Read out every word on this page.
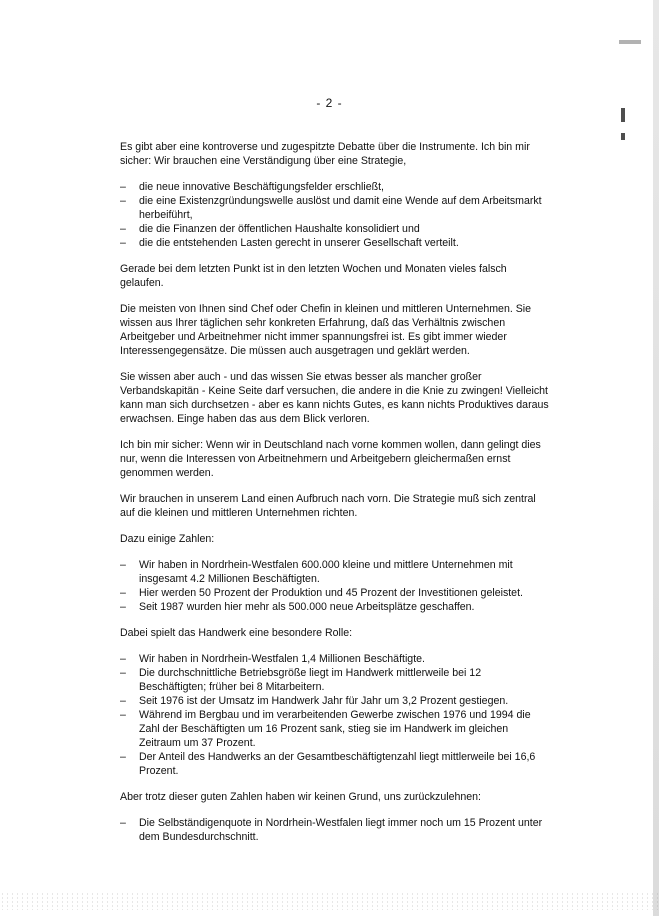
- 2 -

Es gibt aber eine kontroverse und zugespitzte Debatte über die Instrumente. Ich bin mir sicher: Wir brauchen eine Verständigung über eine Strategie,

– die neue innovative Beschäftigungsfelder erschließt,
– die eine Existenzgründungswelle auslöst und damit eine Wende auf dem Arbeitsmarkt herbeiführt,
– die die Finanzen der öffentlichen Haushalte konsolidiert und
– die die entstehenden Lasten gerecht in unserer Gesellschaft verteilt.

Gerade bei dem letzten Punkt ist in den letzten Wochen und Monaten vieles falsch gelaufen.

Die meisten von Ihnen sind Chef oder Chefin in kleinen und mittleren Unternehmen. Sie wissen aus Ihrer täglichen sehr konkreten Erfahrung, daß das Verhältnis zwischen Arbeitgeber und Arbeitnehmer nicht immer spannungsfrei ist. Es gibt immer wieder Interessengegensätze. Die müssen auch ausgetragen und geklärt werden.

Sie wissen aber auch - und das wissen Sie etwas besser als mancher großer Verbandskapitän - Keine Seite darf versuchen, die andere in die Knie zu zwingen! Vielleicht kann man sich durchsetzen - aber es kann nichts Gutes, es kann nichts Produktives daraus erwachsen. Einge haben das aus dem Blick verloren.

Ich bin mir sicher: Wenn wir in Deutschland nach vorne kommen wollen, dann gelingt dies nur, wenn die Interessen von Arbeitnehmern und Arbeitgebern gleichermaßen ernst genommen werden.

Wir brauchen in unserem Land einen Aufbruch nach vorn. Die Strategie muß sich zentral auf die kleinen und mittleren Unternehmen richten.

Dazu einige Zahlen:

– Wir haben in Nordrhein-Westfalen 600.000 kleine und mittlere Unternehmen mit insgesamt 4.2 Millionen Beschäftigten.
– Hier werden 50 Prozent der Produktion und 45 Prozent der Investitionen geleistet.
– Seit 1987 wurden hier mehr als 500.000 neue Arbeitsplätze geschaffen.

Dabei spielt das Handwerk eine besondere Rolle:

– Wir haben in Nordrhein-Westfalen 1,4 Millionen Beschäftigte.
– Die durchschnittliche Betriebsgröße liegt im Handwerk mittlerweile bei 12 Beschäftigten; früher bei 8 Mitarbeitern.
– Seit 1976 ist der Umsatz im Handwerk Jahr für Jahr um 3,2 Prozent gestiegen.
– Während im Bergbau und im verarbeitenden Gewerbe zwischen 1976 und 1994 die Zahl der Beschäftigten um 16 Prozent sank, stieg sie im Handwerk im gleichen Zeitraum um 37 Prozent.
– Der Anteil des Handwerks an der Gesamtbeschäftigtenzahl liegt mittlerweile bei 16,6 Prozent.

Aber trotz dieser guten Zahlen haben wir keinen Grund, uns zurückzulehnen:

– Die Selbständigenquote in Nordrhein-Westfalen liegt immer noch um 15 Prozent unter dem Bundesdurchschnitt.
